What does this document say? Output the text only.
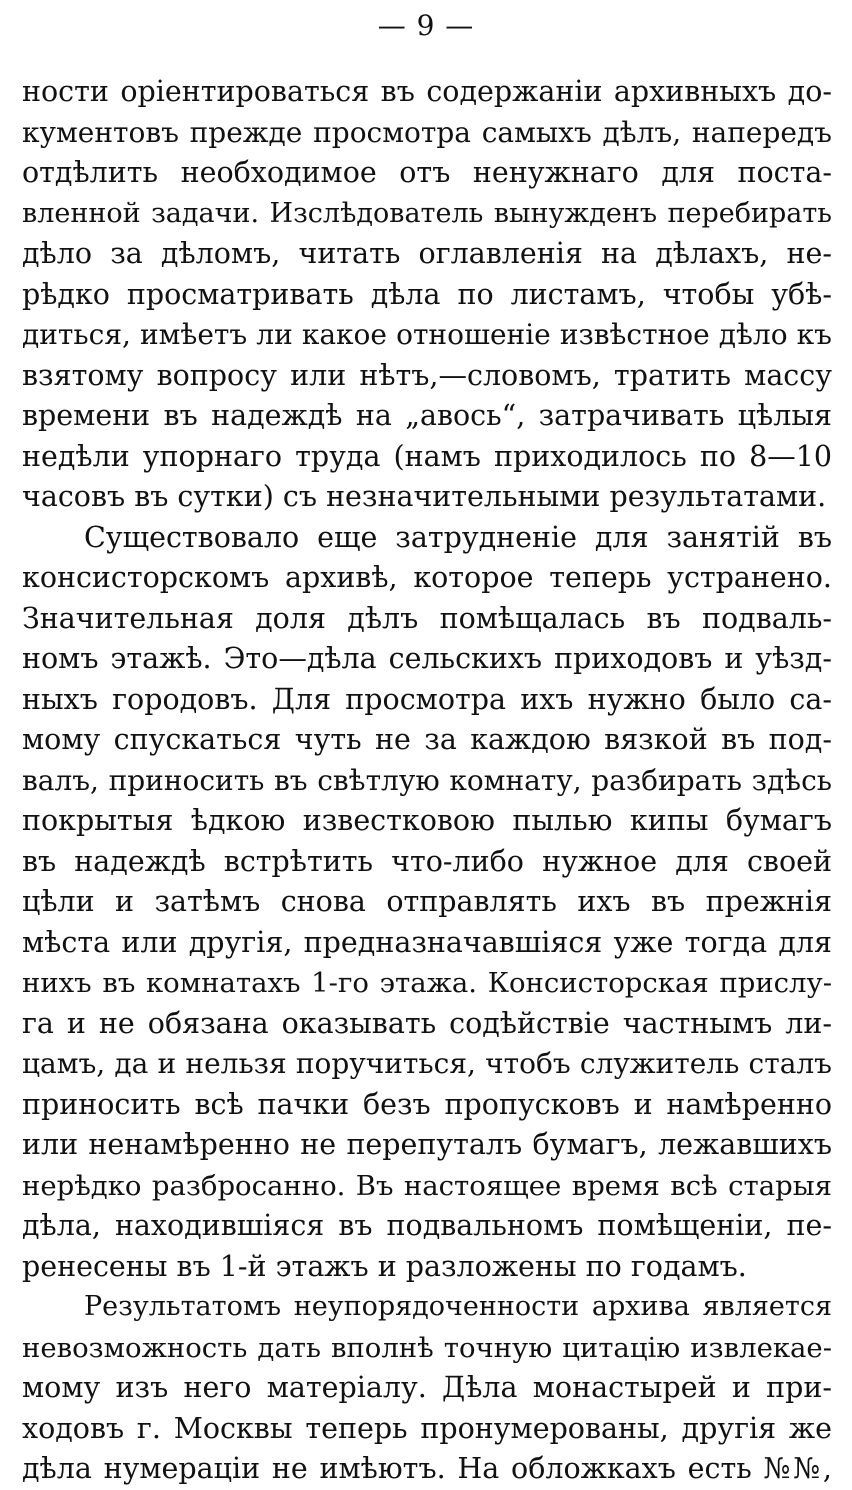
— 9 —
ности оріентироваться въ содержаніи архивныхъ до-
кументовъ прежде просмотра самыхъ дѣлъ, напередъ
отдѣлить необходимое отъ ненужнаго для поста-
вленной задачи. Изслѣдователь вынужденъ перебирать
дѣло за дѣломъ, читать оглавленія на дѣлахъ, не-
рѣдко просматривать дѣла по листамъ, чтобы убѣ-
диться, имѣетъ ли какое отношеніе извѣстное дѣло къ
взятому вопросу или нѣтъ,—словомъ, тратить массу
времени въ надеждѣ на „авось“, затрачивать цѣлыя
недѣли упорнаго труда (намъ приходилось по 8—10
часовъ въ сутки) съ незначительными результатами.
Существовало еще затрудненіе для занятій въ
консисторскомъ архивѣ, которое теперь устранено.
Значительная доля дѣлъ помѣщалась въ подваль-
номъ этажѣ. Это—дѣла сельскихъ приходовъ и уѣзд-
ныхъ городовъ. Для просмотра ихъ нужно было са-
мому спускаться чуть не за каждою вязкой въ под-
валъ, приносить въ свѣтлую комнату, разбирать здѣсь
покрытыя ѣдкою известковою пылью кипы бумагъ
въ надеждѣ встрѣтить что-либо нужное для своей
цѣли и затѣмъ снова отправлять ихъ въ прежнія
мѣста или другія, предназначавшіяся уже тогда для
нихъ въ комнатахъ 1-го этажа. Консисторская прислу-
га и не обязана оказывать содѣйствіе частнымъ ли-
цамъ, да и нельзя поручиться, чтобъ служитель сталъ
приносить всѣ пачки безъ пропусковъ и намѣренно
или ненамѣренно не перепуталъ бумагъ, лежавшихъ
нерѣдко разбросанно. Въ настоящее время всѣ старыя
дѣла, находившіяся въ подвальномъ помѣщеніи, пе-
ренесены въ 1-й этажъ и разложены по годамъ.
Результатомъ неупорядоченности архива является
невозможность дать вполнѣ точную цитацію извлекае-
мому изъ него матеріалу. Дѣла монастырей и при-
ходовъ г. Москвы теперь пронумерованы, другія же
дѣла нумераціи не имѣютъ. На обложкахъ есть №№,
